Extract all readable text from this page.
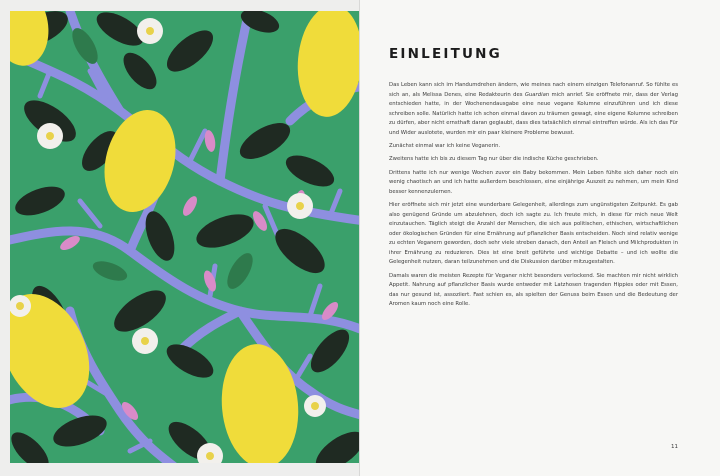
EINLEITUNG

Das Leben kann sich im Handumdrehen ändern, wie meines nach einem einzigen Telefonanruf. So fühlte es sich an, als Melissa Denes, eine Redakteurin des Guardian mich anrief. Sie eröffnete mir, dass der Verlag entschieden hatte, in der Wochenendausgabe eine neue vegane Kolumne einzuführen und ich diese schreiben solle. Natürlich hatte ich schon einmal davon zu träumen gewagt, eine eigene Kolumne schreiben zu dürfen, aber nicht ernsthaft daran geglaubt, dass dies tatsächlich einmal eintreffen würde. Als ich das Für und Wider auslotete, wurden mir ein paar kleinere Probleme bewusst.

Zunächst einmal war ich keine Veganerin.

Zweitens hatte ich bis zu diesem Tag nur über die indische Küche geschrieben.

Drittens hatte ich nur wenige Wochen zuvor ein Baby bekommen. Mein Leben fühlte sich daher noch ein wenig chaotisch an und ich hatte außerdem beschlossen, eine einjährige Auszeit zu nehmen, um mein Kind besser kennenzulernen.

Hier eröffnete sich mir jetzt eine wunderbare Gelegenheit, allerdings zum ungünstigsten Zeitpunkt. Es gab also genügend Gründe um abzulehnen, doch ich sagte zu. Ich freute mich, in diese für mich neue Welt einzutauchen. Täglich steigt die Anzahl der Menschen, die sich aus politischen, ethischen, wirtschaftlichen oder ökologischen Gründen für eine Ernährung auf pflanzlicher Basis entscheiden. Noch sind relativ wenige zu echten Veganern geworden, doch sehr viele streben danach, den Anteil an Fleisch und Milchprodukten in ihrer Ernährung zu reduzieren. Dies ist eine breit geführte und wichtige Debatte – und ich wollte die Gelegenheit nutzen, daran teilzunehmen und die Diskussion darüber mitzugestalten.

Damals waren die meisten Rezepte für Veganer nicht besonders verlockend. Sie machten mir nicht wirklich Appetit. Nahrung auf pflanzlicher Basis wurde entweder mit Latzhosen tragenden Hippies oder mit Essen, das nur gesund ist, assoziiert. Fast schien es, als spielten der Genuss beim Essen und die Bedeutung der Aromen kaum noch eine Rolle.

11
